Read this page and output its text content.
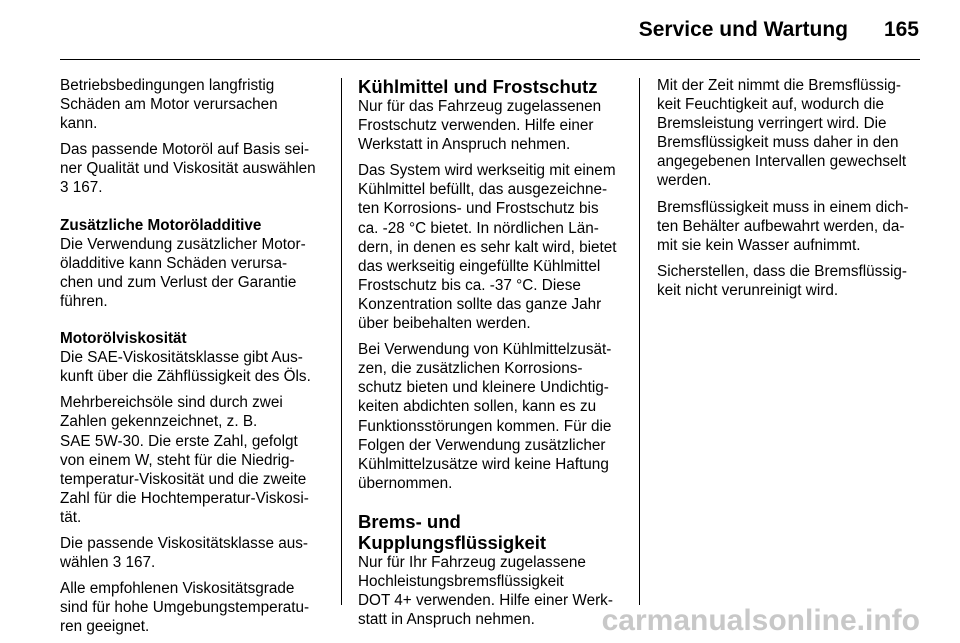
Service und Wartung 165
Betriebsbedingungen langfristig
Schäden am Motor verursachen
kann.
Das passende Motoröl auf Basis sei-
ner Qualität und Viskosität auswählen
3 167.
Zusätzliche Motoröladditive
Die Verwendung zusätzlicher Motor-
öladditive kann Schäden verursa-
chen und zum Verlust der Garantie
führen.
Motorölviskosität
Die SAE-Viskositätsklasse gibt Aus-
kunft über die Zähflüssigkeit des Öls.
Mehrbereichsöle sind durch zwei
Zahlen gekennzeichnet, z. B.
SAE 5W-30. Die erste Zahl, gefolgt
von einem W, steht für die Niedrig-
temperatur-Viskosität und die zweite
Zahl für die Hochtemperatur-Viskosi-
tät.
Die passende Viskositätsklasse aus-
wählen 3 167.
Alle empfohlenen Viskositätsgrade
sind für hohe Umgebungstemperatu-
ren geeignet.
Kühlmittel und Frostschutz
Nur für das Fahrzeug zugelassenen
Frostschutz verwenden. Hilfe einer
Werkstatt in Anspruch nehmen.
Das System wird werkseitig mit einem
Kühlmittel befüllt, das ausgezeichne-
ten Korrosions- und Frostschutz bis
ca. -28 °C bietet. In nördlichen Län-
dern, in denen es sehr kalt wird, bietet
das werkseitig eingefüllte Kühlmittel
Frostschutz bis ca. -37 °C. Diese
Konzentration sollte das ganze Jahr
über beibehalten werden.
Bei Verwendung von Kühlmittelzusät-
zen, die zusätzlichen Korrosions-
schutz bieten und kleinere Undichtig-
keiten abdichten sollen, kann es zu
Funktionsstörungen kommen. Für die
Folgen der Verwendung zusätzlicher
Kühlmittelzusätze wird keine Haftung
übernommen.
Brems- und
Kupplungsflüssigkeit
Nur für Ihr Fahrzeug zugelassene
Hochleistungsbremsflüssigkeit
DOT 4+ verwenden. Hilfe einer Werk-
statt in Anspruch nehmen.
Mit der Zeit nimmt die Bremsflüssig-
keit Feuchtigkeit auf, wodurch die
Bremsleistung verringert wird. Die
Bremsflüssigkeit muss daher in den
angegebenen Intervallen gewechselt
werden.
Bremsflüssigkeit muss in einem dich-
ten Behälter aufbewahrt werden, da-
mit sie kein Wasser aufnimmt.
Sicherstellen, dass die Bremsflüssig-
keit nicht verunreinigt wird.
carmanualsonline.info
